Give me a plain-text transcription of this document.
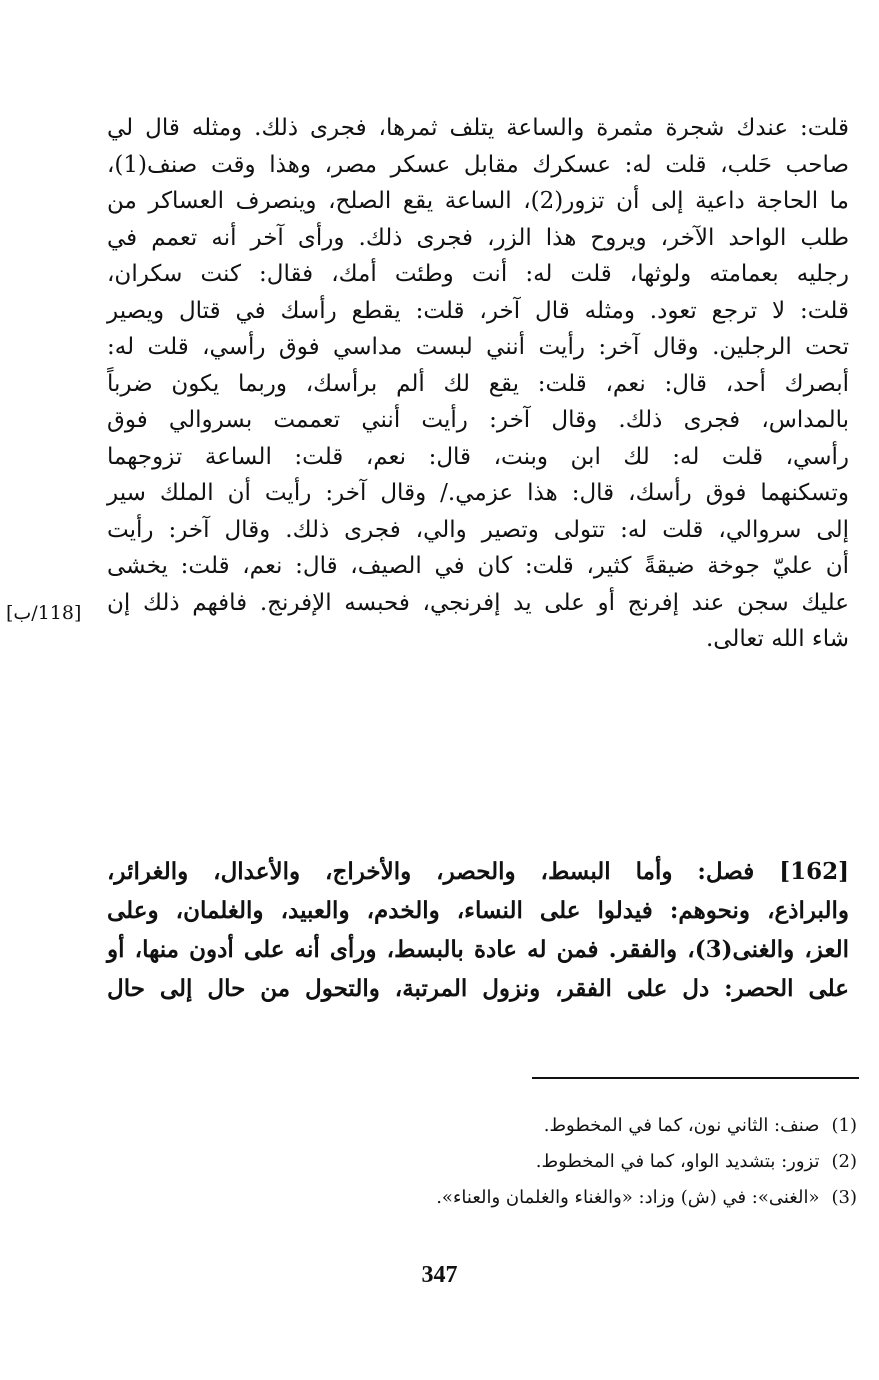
قلت: عندك شجرة مثمرة والساعة يتلف ثمرها، فجرى ذلك. ومثله قال لي
صاحب حَلب، قلت له: عسكرك مقابل عسكر مصر، وهذا وقت صنف(1)،
ما الحاجة داعية إلى أن تزور(2)، الساعة يقع الصلح، وينصرف العساكر من
طلب الواحد الآخر، ويروح هذا الزر، فجرى ذلك. ورأى آخر أنه تعمم في
رجليه بعمامته ولوثها، قلت له: أنت وطئت أمك، فقال: كنت سكران،
قلت: لا ترجع تعود. ومثله قال آخر، قلت: يقطع رأسك في قتال ويصير
تحت الرجلين. وقال آخر: رأيت أنني لبست مداسي فوق رأسي، قلت له:
أبصرك أحد، قال: نعم، قلت: يقع لك ألم برأسك، وربما يكون ضرباً
بالمداس، فجرى ذلك. وقال آخر: رأيت أنني تعممت بسروالي فوق
رأسي، قلت له: لك ابن وبنت، قال: نعم، قلت: الساعة تزوجهما
وتسكنهما فوق رأسك، قال: هذا عزمي./ وقال آخر: رأيت أن الملك سير
إلى سروالي، قلت له: تتولى وتصير والي، فجرى ذلك. وقال آخر: رأيت
أن عليّ جوخة ضيقةً كثير، قلت: كان في الصيف، قال: نعم، قلت: يخشى
عليك سجن عند إفرنج أو على يد إفرنجي، فحبسه الإفرنج. فافهم ذلك إن
شاء الله تعالى.
[118/ب]
[162] فصل: وأما البسط، والحصر، والأخراج، والأعدال، والغرائر،
والبراذع، ونحوهم: فيدلوا على النساء، والخدم، والعبيد، والغلمان، وعلى
العز، والغنى(3)، والفقر. فمن له عادة بالبسط، ورأى أنه على أدون منها، أو
على الحصر: دل على الفقر، ونزول المرتبة، والتحول من حال إلى حال
(1)صنف: الثاني نون، كما في المخطوط.
(2)تزور: بتشديد الواو، كما في المخطوط.
(3)«الغنى»: في (ش) وزاد: «والغناء والغلمان والعناء».
347
